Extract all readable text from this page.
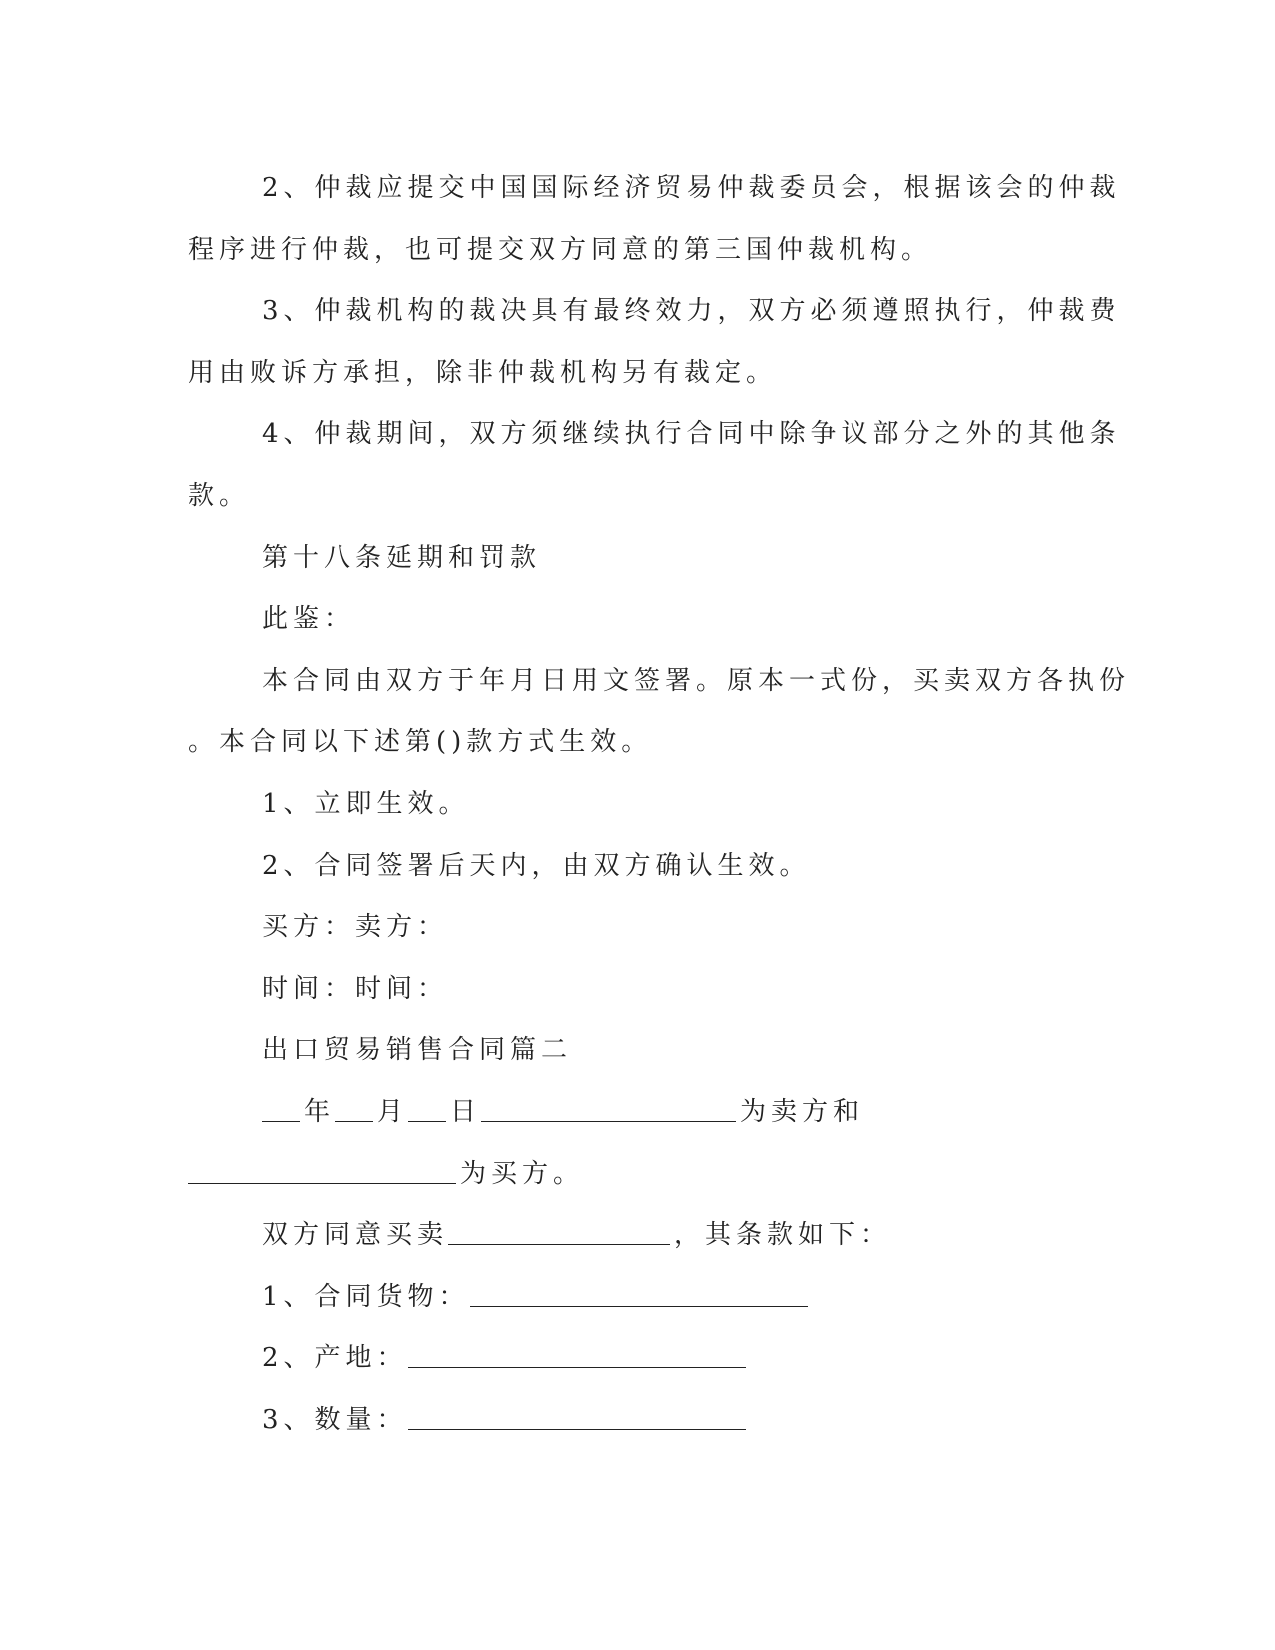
2、仲裁应提交中国国际经济贸易仲裁委员会，根据该会的仲裁
程序进行仲裁，也可提交双方同意的第三国仲裁机构。
3、仲裁机构的裁决具有最终效力，双方必须遵照执行，仲裁费
用由败诉方承担，除非仲裁机构另有裁定。
4、仲裁期间，双方须继续执行合同中除争议部分之外的其他条
款。
第十八条延期和罚款
此鉴：
本合同由双方于年月日用文签署。原本一式份，买卖双方各执份
。本合同以下述第()款方式生效。
1、立即生效。
2、合同签署后天内，由双方确认生效。
买方：卖方：
时间：时间：
出口贸易销售合同篇二
年 月 日	为卖方和
为买方。
双方同意买卖	，其条款如下：
1、合同货物：
2、产地：
3、数量：
